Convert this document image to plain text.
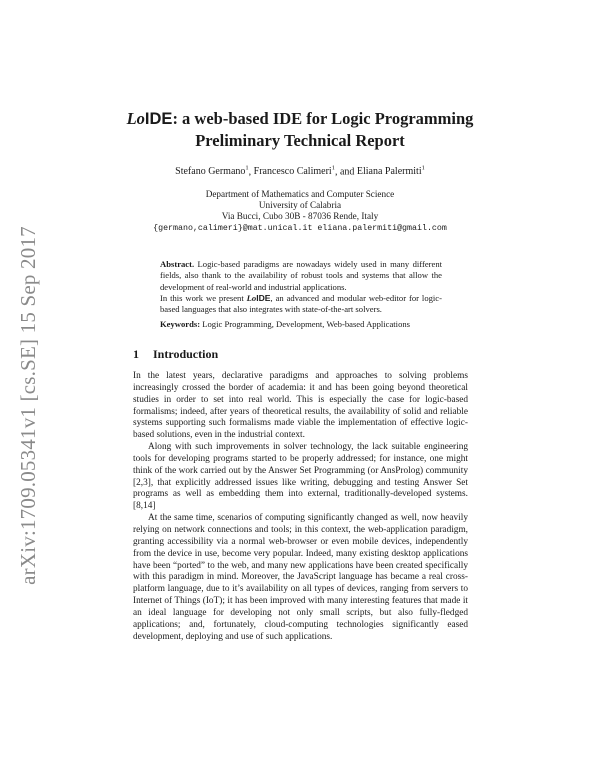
arXiv:1709.05341v1 [cs.SE] 15 Sep 2017
LoIDE: a web-based IDE for Logic Programming
Preliminary Technical Report
Stefano Germano$^1$, Francesco Calimeri$^1$, and Eliana Palermiti$^1$
Department of Mathematics and Computer Science
University of Calabria
Via Bucci, Cubo 30B - 87036 Rende, Italy
{germano,calimeri}@mat.unical.it eliana.palermiti@gmail.com
Abstract. Logic-based paradigms are nowadays widely used in many different fields, also thank to the availability of robust tools and systems that allow the development of real-world and industrial applications.
In this work we present LoIDE, an advanced and modular web-editor for logic-based languages that also integrates with state-of-the-art solvers.
Keywords: Logic Programming, Development, Web-based Applications
1 Introduction

In the latest years, declarative paradigms and approaches to solving problems increasingly crossed the border of academia: it and has been going beyond theoretical studies in order to set into real world. This is especially the case for logic-based formalisms; indeed, after years of theoretical results, the availability of solid and reliable systems supporting such formalisms made viable the implementation of effective logic-based solutions, even in the industrial context.

Along with such improvements in solver technology, the lack suitable engineering tools for developing programs started to be properly addressed; for instance, one might think of the work carried out by the Answer Set Programming (or AnsProlog) community [2,3], that explicitly addressed issues like writing, debugging and testing Answer Set programs as well as embedding them into external, traditionally-developed systems.[8,14]

At the same time, scenarios of computing significantly changed as well, now heavily relying on network connections and tools; in this context, the web-application paradigm, granting accessibility via a normal web-browser or even mobile devices, independently from the device in use, become very popular. Indeed, many existing desktop applications have been “ported” to the web, and many new applications have been created specifically with this paradigm in mind. Moreover, the JavaScript language has became a real cross-platform language, due to it’s availability on all types of devices, ranging from servers to Internet of Things (IoT); it has been improved with many interesting features that made it an ideal language for developing not only small scripts, but also fully-fledged applications; and, fortunately, cloud-computing technologies significantly eased development, deploying and use of such applications.
